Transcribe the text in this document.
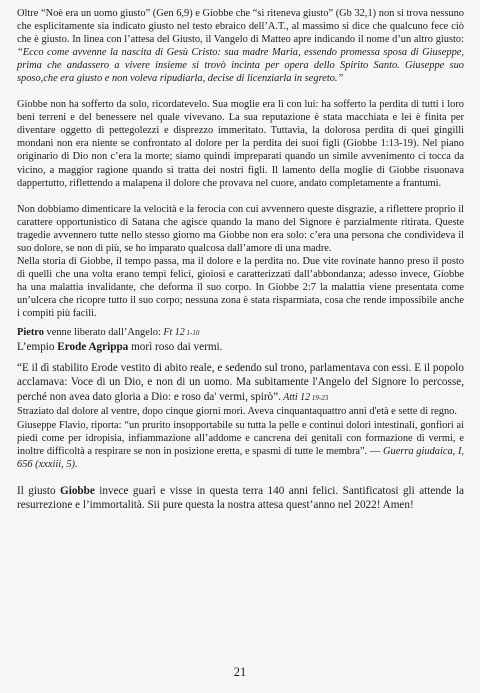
Oltre “Noè era un uomo giusto” (Gen 6,9) e Giobbe che “si riteneva giusto” (Gb 32,1) non si trova nessuno che esplicitamente sia indicato giusto nel testo ebraico dell’A.T., al massimo si dice che qualcuno fece ciò che è giusto. In linea con l’attesa del Giusto, il Vangelo di Matteo apre indicando il nome d’un altro giusto: “Ecco come avvenne la nascita di Gesù Cristo: sua madre Maria, essendo promessa sposa di Giuseppe, prima che andassero a vivere insieme si trovò incinta per opera dello Spirito Santo. Giuseppe suo sposo,che era giusto e non voleva ripudiarla, decise di licenziarla in segreto.”

Giobbe non ha sofferto da solo, ricordatevelo. Sua moglie era lì con lui: ha sofferto la perdita di tutti i loro beni terreni e del benessere nel quale vivevano. La sua reputazione è stata macchiata e lei è finita per diventare oggetto di pettegolezzi e disprezzo immeritato. Tuttavia, la dolorosa perdita di quei gingilli mondani non era niente se confrontato al dolore per la perdita dei suoi figli (Giobbe 1:13-19). Nel piano originario di Dio non c’era la morte; siamo quindi impreparati quando un simile avvenimento ci tocca da vicino, a maggior ragione quando si tratta dei nostri figli. Il lamento della moglie di Giobbe risuonava dappertutto, riflettendo a malapena il dolore che provava nel cuore, andato completamente a frantumi.

Non dobbiamo dimenticare la velocità e la ferocia con cui avvennero queste disgrazie, a riflettere proprio il carattere opportunistico di Satana che agisce quando la mano del Signore è parzialmente ritirata. Queste tragedie avvennero tutte nello stesso giorno ma Giobbe non era solo: c’era una persona che condivideva il suo dolore, se non di più, se ho imparato qualcosa dall’amore di una madre.

Nella storia di Giobbe, il tempo passa, ma il dolore e la perdita no. Due vite rovinate hanno preso il posto di quelli che una volta erano tempi felici, gioiosi e caratterizzati dall’abbondanza; adesso invece, Giobbe ha una malattia invalidante, che deforma il suo corpo. In Giobbe 2:7 la malattia viene presentata come un’ulcera che ricopre tutto il suo corpo; nessuna zona è stata risparmiata, cosa che rende impossibile anche i compiti più facili.

Pietro venne liberato dall’Angelo: Ft 12 1-10

L’empio Erode Agrippa morì roso dai vermi.

“E il dì stabilito Erode vestito di abito reale, e sedendo sul trono, parlamentava con essi. E il popolo acclamava: Voce di un Dio, e non di un uomo. Ma subitamente l'Angelo del Signore lo percosse, perché non avea dato gloria a Dio: e roso da' vermi, spirò”. Atti 12 19-23

Straziato dal dolore al ventre, dopo cinque giorni morì. Aveva cinquantaquattro anni d'età e sette di regno.

Giuseppe Flavio, riporta: “un prurito insopportabile su tutta la pelle e continui dolori intestinali, gonfiori ai piedi come per idropisia, infiammazione all’addome e cancrena dei genitali con formazione di vermi, e inoltre difficoltà a respirare se non in posizione eretta, e spasmi di tutte le membra”. — Guerra giudaica, I, 656 (xxxiii, 5).

Il giusto Giobbe invece guarì e visse in questa terra 140 anni felici. Santificatosi gli attende la resurrezione e l’immortalità. Sii pure questa la nostra attesa quest’anno nel 2022! Amen!

21
